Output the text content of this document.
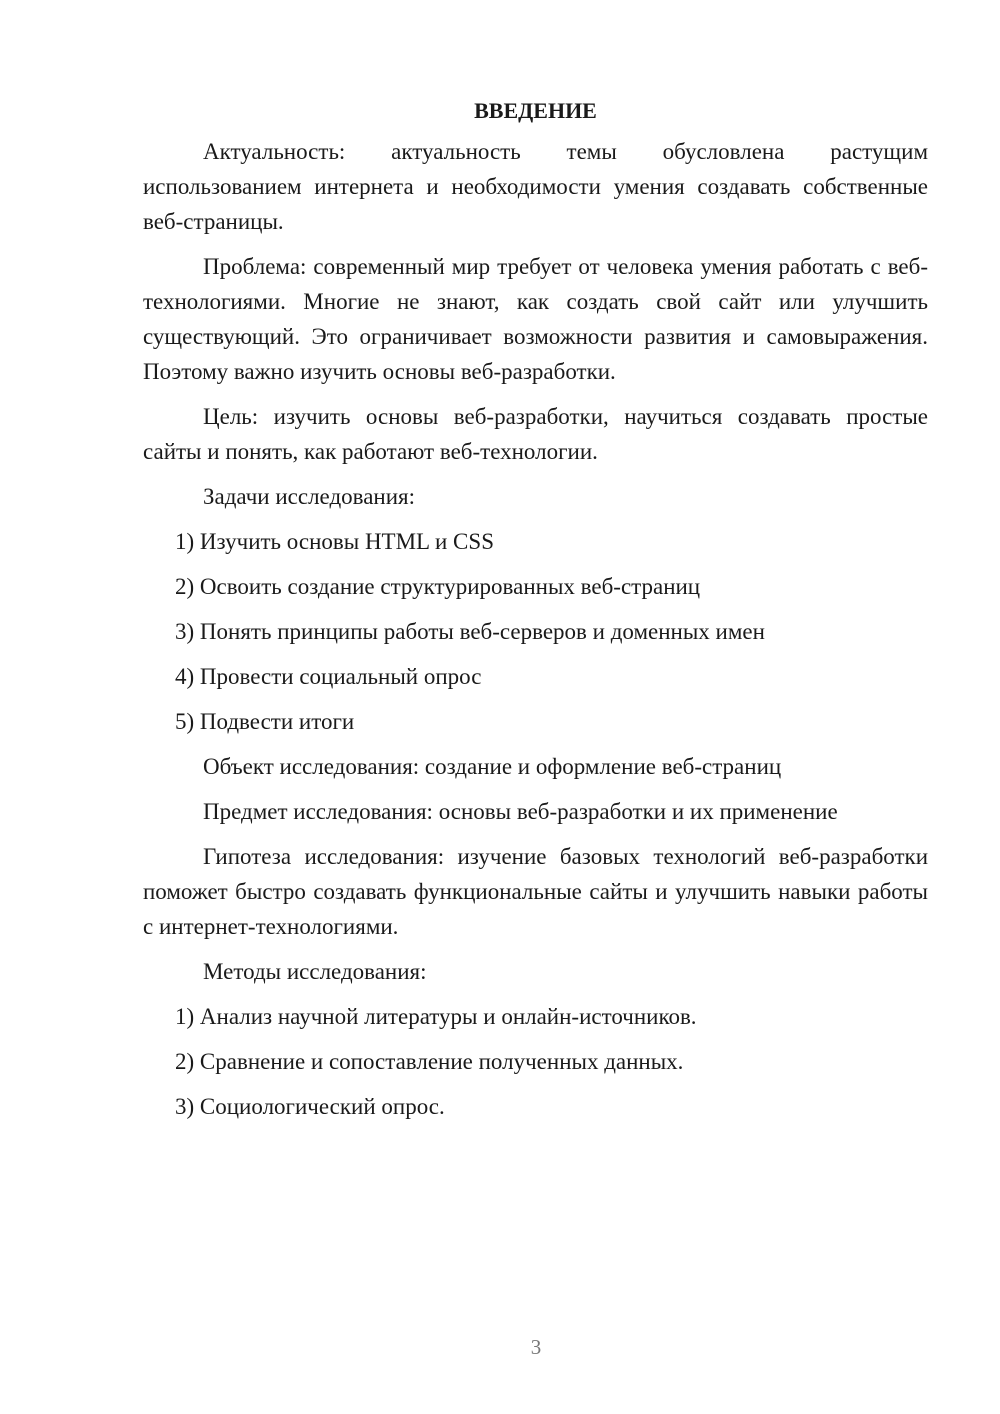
ВВЕДЕНИЕ

Актуальность: актуальность темы обусловлена растущим использованием интернета и необходимости умения создавать собственные веб-страницы.

Проблема: современный мир требует от человека умения работать с веб-технологиями. Многие не знают, как создать свой сайт или улучшить существующий. Это ограничивает возможности развития и самовыражения. Поэтому важно изучить основы веб-разработки.

Цель: изучить основы веб-разработки, научиться создавать простые сайты и понять, как работают веб-технологии.

Задачи исследования:

1) Изучить основы HTML и CSS
2) Освоить создание структурированных веб-страниц
3) Понять принципы работы веб-серверов и доменных имен
4) Провести социальный опрос
5) Подвести итоги

Объект исследования: создание и оформление веб-страниц

Предмет исследования: основы веб-разработки и их применение

Гипотеза исследования: изучение базовых технологий веб-разработки поможет быстро создавать функциональные сайты и улучшить навыки работы с интернет-технологиями.

Методы исследования:

1) Анализ научной литературы и онлайн-источников.
2) Сравнение и сопоставление полученных данных.
3) Социологический опрос.
3
